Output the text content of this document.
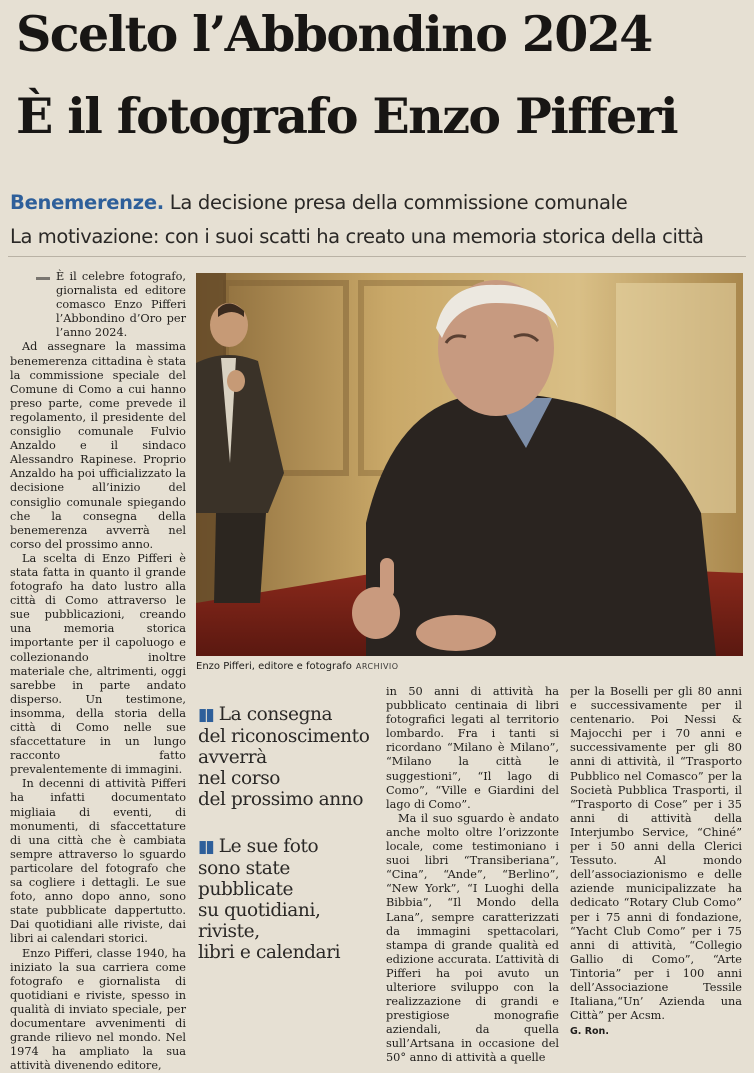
Scelto l’Abbondino 2024
È il fotografo Enzo Pifferi
Benemerenze. La decisione presa della commissione comunale
La motivazione: con i suoi scatti ha creato una memoria storica della città

È il celebre fotografo, giornalista ed editore comasco Enzo Pifferi l’Abbondino d’Oro per l’anno 2024.

Ad assegnare la massima benemerenza cittadina è stata la commissione speciale del Comune di Como a cui hanno preso parte, come prevede il regolamento, il presidente del consiglio comunale Fulvio Anzaldo e il sindaco Alessandro Rapinese. Proprio Anzaldo ha poi ufficializzato la decisione all’inizio del consiglio comunale spiegando che la consegna della benemerenza avverrà nel corso del prossimo anno.

La scelta di Enzo Pifferi è stata fatta in quanto il grande fotografo ha dato lustro alla città di Como attraverso le sue pubblicazioni, creando una memoria storica importante per il capoluogo e collezionando inoltre materiale che, altrimenti, oggi sarebbe in parte andato disperso. Un testimone, insomma, della storia della città di Como nelle sue sfaccettature in un lungo racconto fatto prevalentemente di immagini.

In decenni di attività Pifferi ha infatti documentato migliaia di eventi, di monumenti, di sfaccettature di una città che è cambiata sempre attraverso lo sguardo particolare del fotografo che sa cogliere i dettagli. Le sue foto, anno dopo anno, sono state pubblicate dappertutto. Dai quotidiani alle riviste, dai libri ai calendari storici.

Enzo Pifferi, classe 1940, ha iniziato la sua carriera come fotografo e giornalista di quotidiani e riviste, spesso in qualità di inviato speciale, per documentare avvenimenti di grande rilievo nel mondo. Nel 1974 ha ampliato la sua attività divenendo editore,

Enzo Pifferi, editore e fotografo ARCHIVIO
▮▮ La consegna
del riconoscimento
avverrà
nel corso
del prossimo anno
▮▮ Le sue foto
sono state
pubblicate
su quotidiani, riviste,
libri e calendari

in 50 anni di attività ha pubblicato centinaia di libri fotografici legati al territorio lombardo. Fra i tanti si ricordano “Milano è Milano”, “Milano la città le suggestioni”, “Il lago di Como”, “Ville e Giardini del lago di Como”.

Ma il suo sguardo è andato anche molto oltre l’orizzonte locale, come testimoniano i suoi libri “Transiberiana”, “Cina”, “Ande”, “Berlino”, “New York”, “I Luoghi della Bibbia”, “Il Mondo della Lana”, sempre caratterizzati da immagini spettacolari, stampa di grande qualità ed edizione accurata. L’attività di Pifferi ha poi avuto un ulteriore sviluppo con la realizzazione di grandi e prestigiose monografie aziendali, da quella sull’Artsana in occasione del 50° anno di attività a quelle

per la Boselli per gli 80 anni e successivamente per il centenario. Poi Nessi & Majocchi per i 70 anni e successivamente per gli 80 anni di attività, il “Trasporto Pubblico nel Comasco” per la Società Pubblica Trasporti, il “Trasporto di Cose” per i 35 anni di attività della Interjumbo Service, “Chiné” per i 50 anni della Clerici Tessuto. Al mondo dell’associazionismo e delle aziende municipalizzate ha dedicato “Rotary Club Como” per i 75 anni di fondazione, “Yacht Club Como” per i 75 anni di attività, “Collegio Gallio di Como”, “Arte Tintoria” per i 100 anni dell’Associazione Tessile Italiana,“Un’ Azienda una Città” per Acsm.

G. Ron.
